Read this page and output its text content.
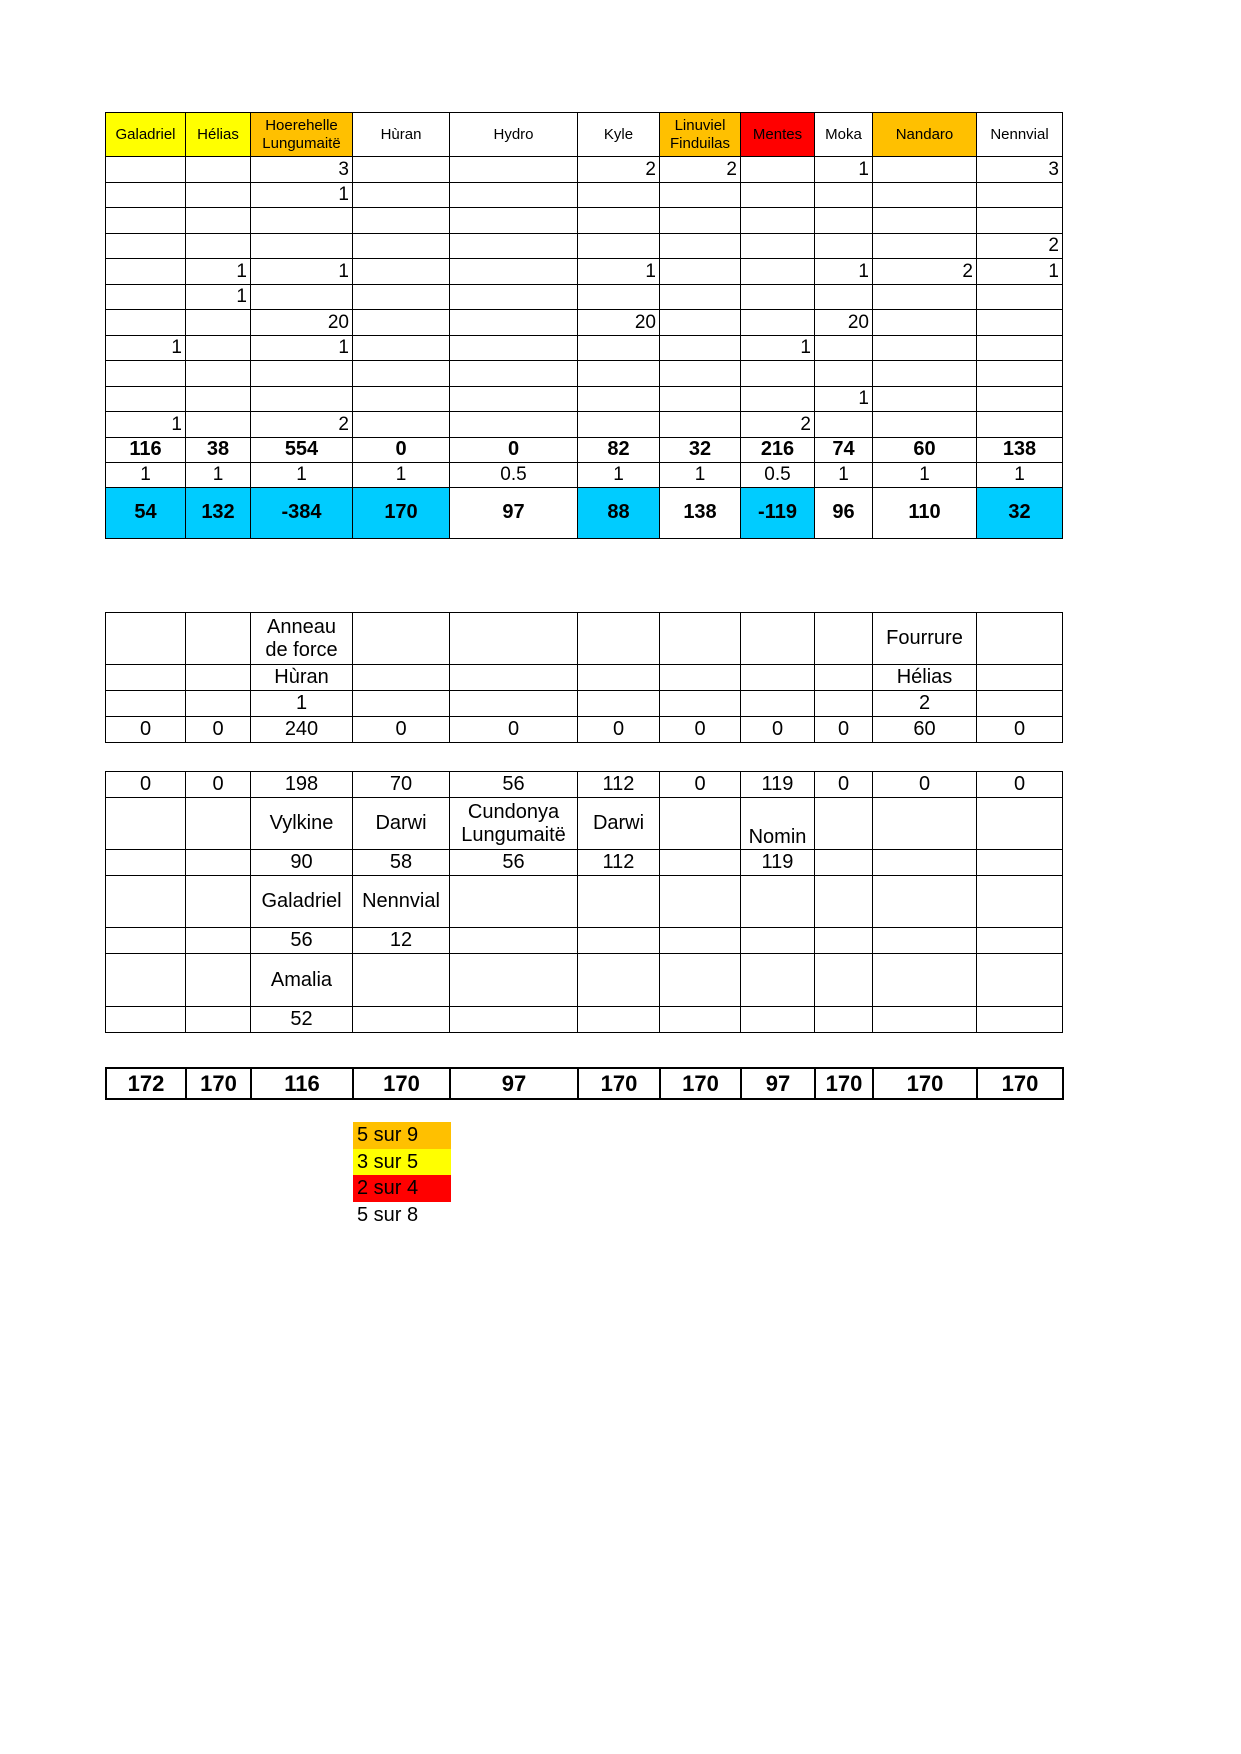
Galadriel	Hélias	Hoerehelle Lungumaitë	Hùran	Hydro	Kyle	Linuviel Finduilas	Mentes	Moka	Nandaro	Nennvial
		3			2	2		1		3
		1								

										2
	1	1			1			1	2	1
	1									
		20			20			20		
1		1					1			

								1		
1		2					2			
116	38	554	0	0	82	32	216	74	60	138
1	1	1	1	0.5	1	1	0.5	1	1	1
54	132	-384	170	97	88	138	-119	96	110	32
		Anneau de force							Fourrure	
		Hùran							Hélias	
		1							2	
0	0	240	0	0	0	0	0	0	60	0
0	0	198	70	56	112	0	119	0	0	0
		Vylkine	Darwi	Cundonya Lungumaitë	Darwi		Nomin			
		90	58	56	112		119			
		Galadriel	Nennvial							
		56	12							
		Amalia								
		52								
172	170	116	170	97	170	170	97	170	170	170
5 sur 9
3 sur 5
2 sur 4
5 sur 8
